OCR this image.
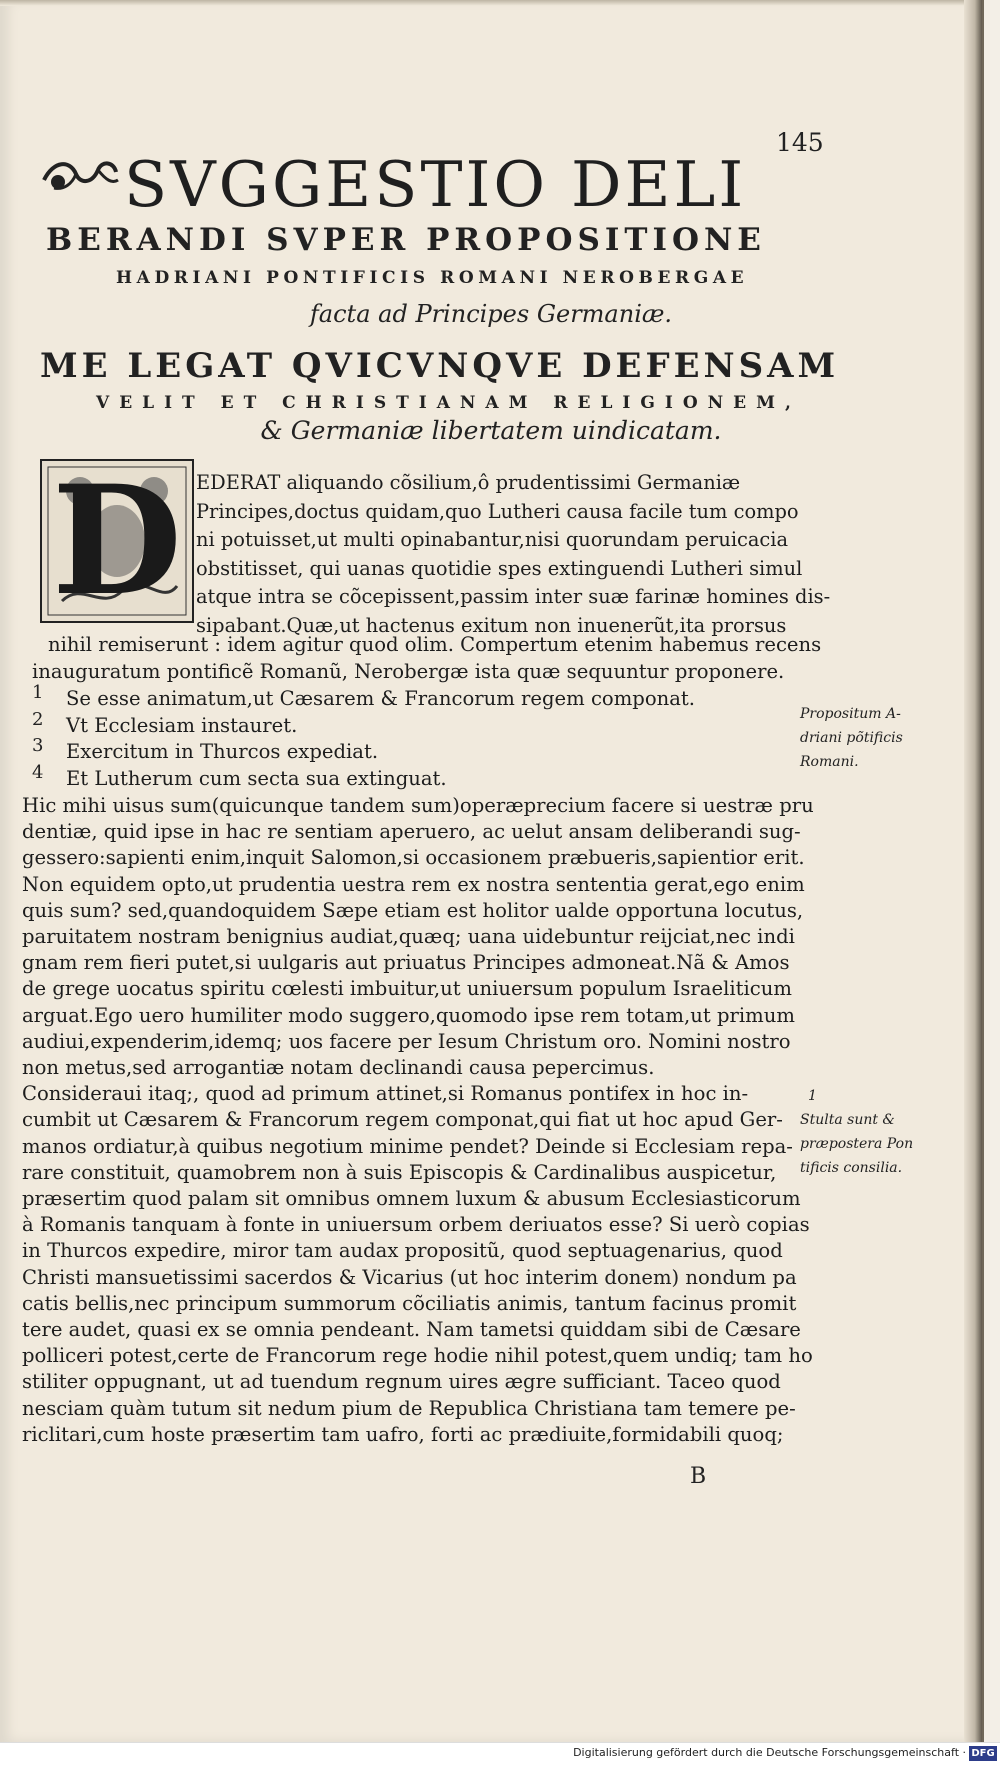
145
SVGGESTIO DELI
BERANDI SVPER PROPOSITIONE
HADRIANI PONTIFICIS ROMANI NEROBERGAE
facta ad Principes Germaniæ.
ME LEGAT QVICVNQVE DEFENSAM
VELIT ET CHRISTIANAM RELIGIONEM,
& Germaniæ libertatem uindicatam.
D EDERAT aliquando cõsilium,ô prudentissimi Germaniæ
Principes,doctus quidam,quo Lutheri causa facile tum compo
ni potuisset,ut multi opinabantur,nisi quorundam peruicacia
obstitisset, qui uanas quotidie spes extinguendi Lutheri simul
atque intra se cõcepissent,passim inter suæ farinæ homines dis-
sipabant.Quæ,ut hactenus exitum non inuenerũt,ita prorsus
nihil remiserunt : idem agitur quod olim. Compertum etenim habemus recens
inauguratum pontificẽ Romanũ, Nerobergæ ista quæ sequuntur proponere.
Se esse animatum,ut Cæsarem & Francorum regem componat.
Vt Ecclesiam instauret.
Exercitum in Thurcos expediat.
Et Lutherum cum secta sua extinguat.
Hic mihi uisus sum(quicunque tandem sum)operæprecium facere si uestræ pru
dentiæ, quid ipse in hac re sentiam aperuero, ac uelut ansam deliberandi sug-
gessero:sapienti enim,inquit Salomon,si occasionem præbueris,sapientior erit.
Non equidem opto,ut prudentia uestra rem ex nostra sententia gerat,ego enim
quis sum? sed,quandoquidem Sæpe etiam est holitor ualde opportuna locutus,
paruitatem nostram benignius audiat,quæq; uana uidebuntur reijciat,nec indi
gnam rem fieri putet,si uulgaris aut priuatus Principes admoneat.Nã & Amos
de grege uocatus spiritu cœlesti imbuitur,ut uniuersum populum Israeliticum
arguat.Ego uero humiliter modo suggero,quomodo ipse rem totam,ut primum
audiui,expenderim,idemq; uos facere per Iesum Christum oro. Nomini nostro
non metus,sed arrogantiæ notam declinandi causa pepercimus.
Consideraui itaq;, quod ad primum attinet,si Romanus pontifex in hoc in-
cumbit ut Cæsarem & Francorum regem componat,qui fiat ut hoc apud Ger-
manos ordiatur,à quibus negotium minime pendet? Deinde si Ecclesiam repa-
rare constituit, quamobrem non à suis Episcopis & Cardinalibus auspicetur,
præsertim quod palam sit omnibus omnem luxum & abusum Ecclesiasticorum
à Romanis tanquam à fonte in uniuersum orbem deriuatos esse? Si uerò copias
in Thurcos expedire, miror tam audax propositũ, quod septuagenarius, quod
Christi mansuetissimi sacerdos & Vicarius (ut hoc interim donem) nondum pa
catis bellis,nec principum summorum cõciliatis animis, tantum facinus promit
tere audet, quasi ex se omnia pendeant. Nam tametsi quiddam sibi de Cæsare
polliceri potest,certe de Francorum rege hodie nihil potest,quem undiq; tam ho
stiliter oppugnant, ut ad tuendum regnum uires ægre sufficiant. Taceo quod
nesciam quàm tutum sit nedum pium de Republica Christiana tam temere pe-
riclitari,cum hoste præsertim tam uafro, forti ac prædiuite,formidabili quoq;
1
2
3
4
Propositum A-
driani põtificis
Romani.
1
Stulta sunt &
præpostera Pon
tificis consilia.
B
Digitalisierung gefördert durch die Deutsche Forschungsgemeinschaft · DFG
